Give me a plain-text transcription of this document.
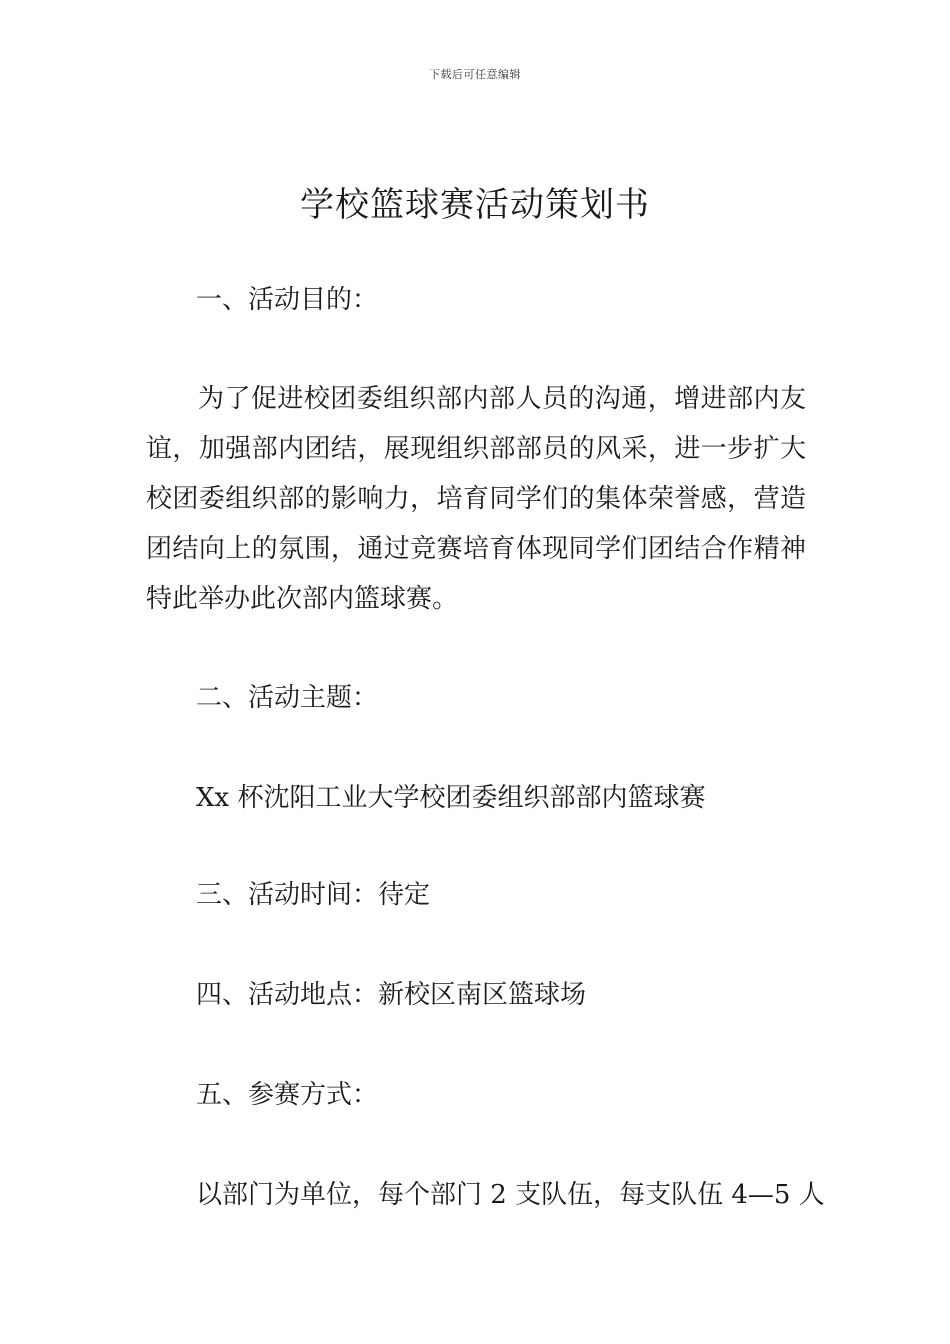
下载后可任意编辑
学校篮球赛活动策划书
一、活动目的：

为了促进校团委组织部内部人员的沟通，增进部内友谊，加强部内团结，展现组织部部员的风采，进一步扩大校团委组织部的影响力，培育同学们的集体荣誉感，营造团结向上的氛围，通过竞赛培育体现同学们团结合作精神特此举办此次部内篮球赛。

二、活动主题：
Xx 杯沈阳工业大学校团委组织部部内篮球赛
三、活动时间：待定
四、活动地点：新校区南区篮球场
五、参赛方式：
以部门为单位，每个部门 2 支队伍，每支队伍 4—5 人
